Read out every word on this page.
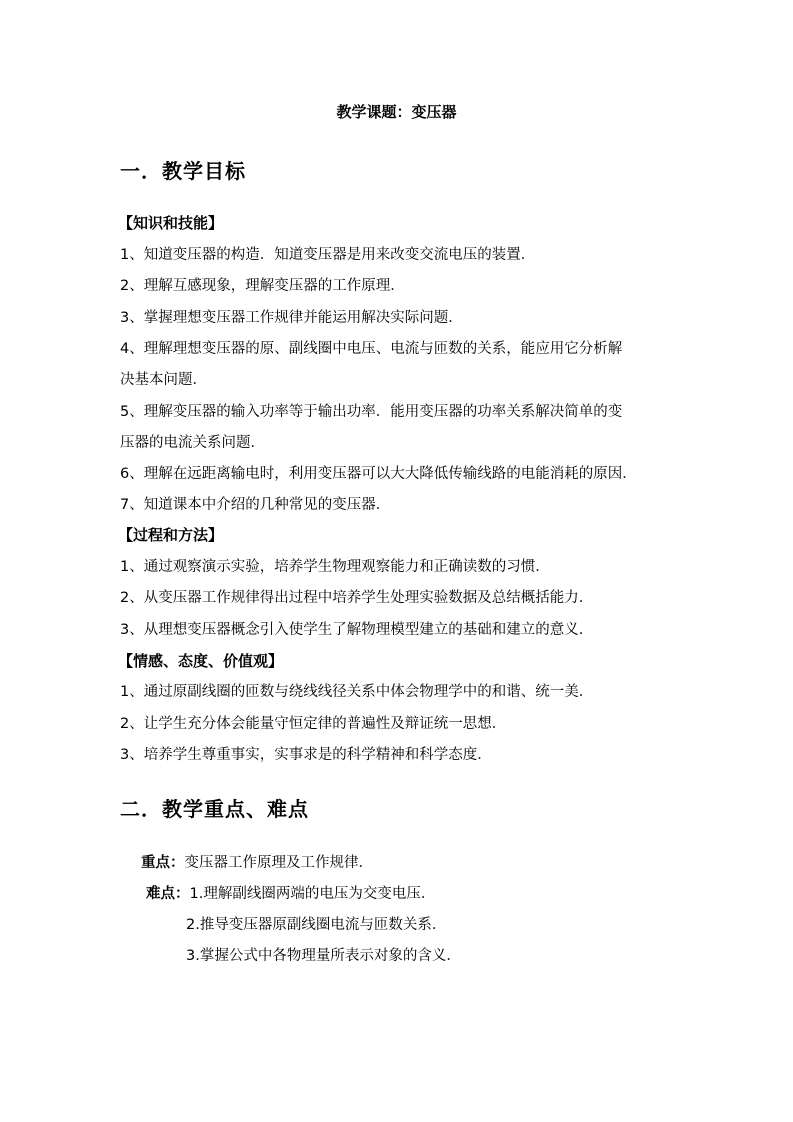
教学课题：变压器
一．教学目标
【知识和技能】
1、知道变压器的构造．知道变压器是用来改变交流电压的装置．
2、理解互感现象，理解变压器的工作原理．
3、掌握理想变压器工作规律并能运用解决实际问题．
4、理解理想变压器的原、副线圈中电压、电流与匝数的关系，能应用它分析解
决基本问题．
5、理解变压器的输入功率等于输出功率．能用变压器的功率关系解决简单的变
压器的电流关系问题．
6、理解在远距离输电时，利用变压器可以大大降低传输线路的电能消耗的原因．
7、知道课本中介绍的几种常见的变压器．
【过程和方法】
1、通过观察演示实验，培养学生物理观察能力和正确读数的习惯．
2、从变压器工作规律得出过程中培养学生处理实验数据及总结概括能力．
3、从理想变压器概念引入使学生了解物理模型建立的基础和建立的意义．
【情感、态度、价值观】
1、通过原副线圈的匝数与绕线线径关系中体会物理学中的和谐、统一美．
2、让学生充分体会能量守恒定律的普遍性及辩证统一思想．
3、培养学生尊重事实，实事求是的科学精神和科学态度．
二．教学重点、难点
重点：变压器工作原理及工作规律．
难点：1.理解副线圈两端的电压为交变电压．
2.推导变压器原副线圈电流与匝数关系．
3.掌握公式中各物理量所表示对象的含义．
